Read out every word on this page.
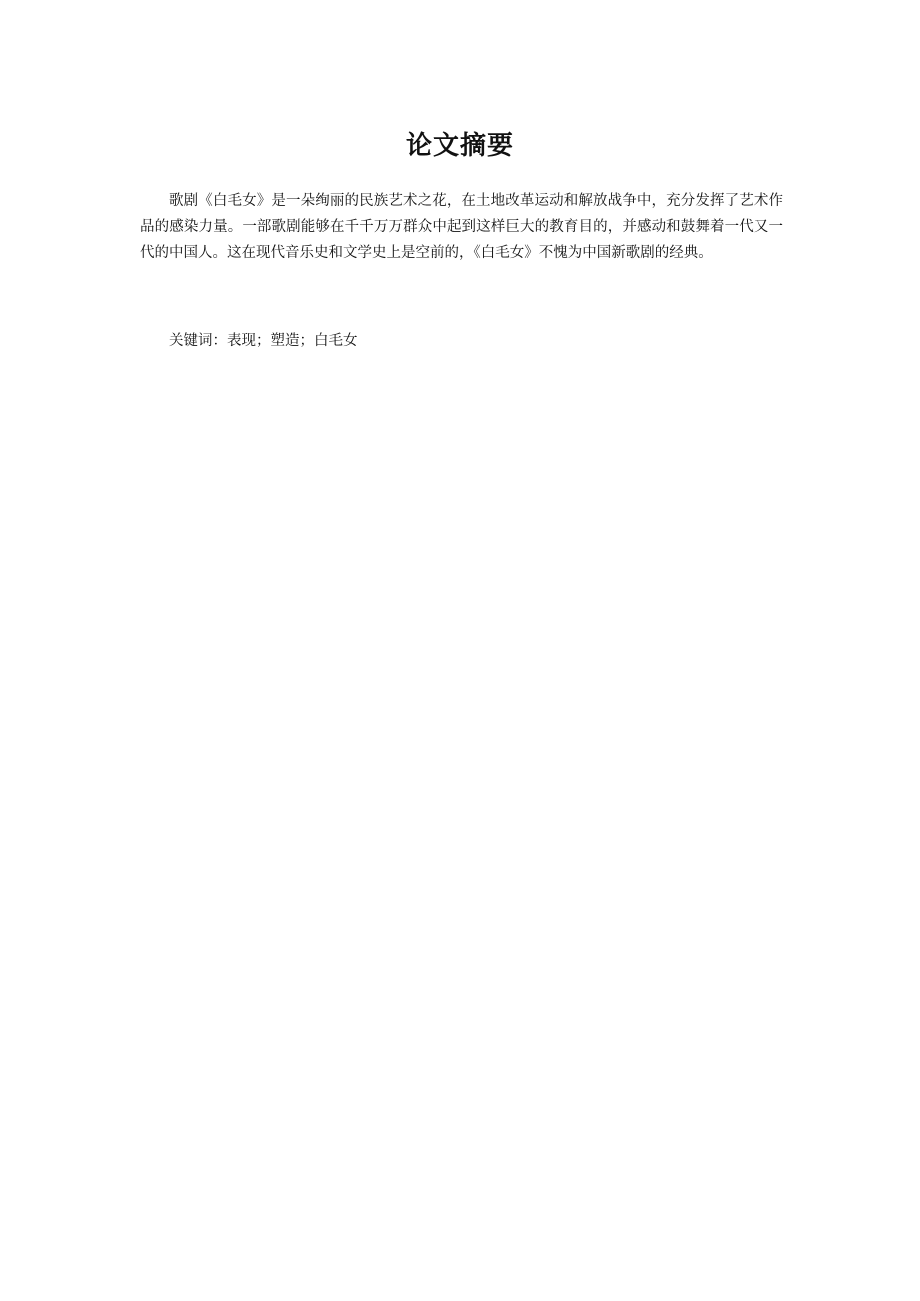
论文摘要

歌剧《白毛女》是一朵绚丽的民族艺术之花，在土地改革运动和解放战争中，充分发挥了艺术作品的感染力量。一部歌剧能够在千千万万群众中起到这样巨大的教育目的，并感动和鼓舞着一代又一代的中国人。这在现代音乐史和文学史上是空前的，《白毛女》不愧为中国新歌剧的经典。

关键词：表现；塑造；白毛女
